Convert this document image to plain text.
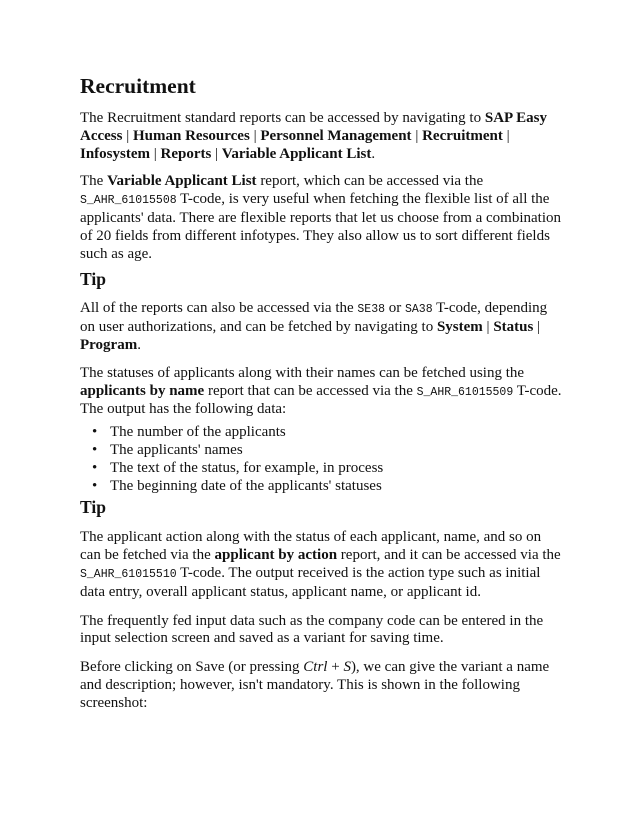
Recruitment

The Recruitment standard reports can be accessed by navigating to SAP Easy Access | Human Resources | Personnel Management | Recruitment | Infosystem | Reports | Variable Applicant List.

The Variable Applicant List report, which can be accessed via the S_AHR_61015508 T-code, is very useful when fetching the flexible list of all the applicants' data. There are flexible reports that let us choose from a combination of 20 fields from different infotypes. They also allow us to sort different fields such as age.

Tip

All of the reports can also be accessed via the SE38 or SA38 T-code, depending on user authorizations, and can be fetched by navigating to System | Status | Program.

The statuses of applicants along with their names can be fetched using the applicants by name report that can be accessed via the S_AHR_61015509 T-code. The output has the following data:

• The number of the applicants
• The applicants' names
• The text of the status, for example, in process
• The beginning date of the applicants' statuses
Tip

The applicant action along with the status of each applicant, name, and so on can be fetched via the applicant by action report, and it can be accessed via the S_AHR_61015510 T-code. The output received is the action type such as initial data entry, overall applicant status, applicant name, or applicant id.

The frequently fed input data such as the company code can be entered in the input selection screen and saved as a variant for saving time.

Before clicking on Save (or pressing Ctrl + S), we can give the variant a name and description; however, isn't mandatory. This is shown in the following screenshot:
